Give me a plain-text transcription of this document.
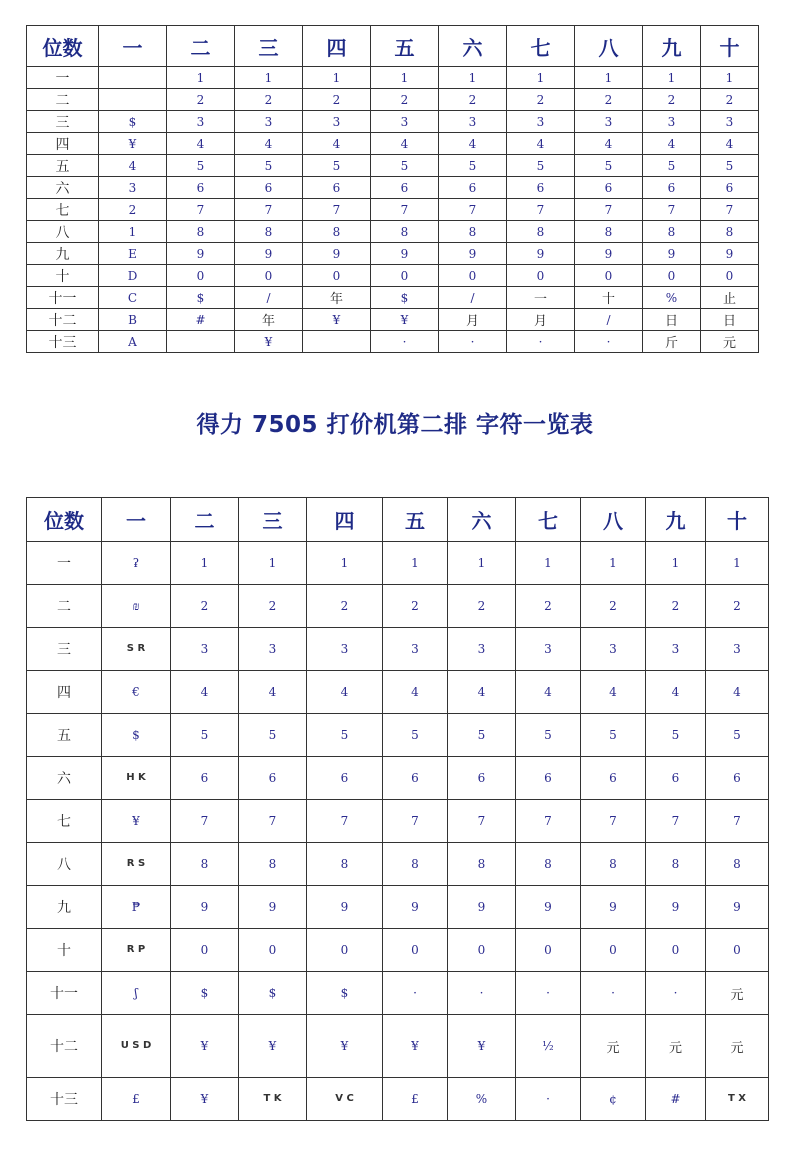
位数	一	二	三	四	五	六	七	八	九	十
一		1	1	1	1	1	1	1	1	1
二		2	2	2	2	2	2	2	2	2
三	$	3	3	3	3	3	3	3	3	3
四	¥	4	4	4	4	4	4	4	4	4
五	4	5	5	5	5	5	5	5	5	5
六	3	6	6	6	6	6	6	6	6	6
七	2	7	7	7	7	7	7	7	7	7
八	1	8	8	8	8	8	8	8	8	8
九	E	9	9	9	9	9	9	9	9	9
十	D	0	0	0	0	0	0	0	0	0
十一	C	$	/	年	$	/	一	十	%	止
十二	B	#	年	¥	¥	月	月	/	日	日
十三	A		¥		·	·	·	·	斤	元
得力 7505 打价机第二排 字符一览表
位数	一	二	三	四	五	六	七	八	九	十
一	ʡ	1	1	1	1	1	1	1	1	1
二	₪	2	2	2	2	2	2	2	2	2
三	S R	3	3	3	3	3	3	3	3	3
四	€	4	4	4	4	4	4	4	4	4
五	$	5	5	5	5	5	5	5	5	5
六	H K	6	6	6	6	6	6	6	6	6
七	¥	7	7	7	7	7	7	7	7	7
八	R S	8	8	8	8	8	8	8	8	8
九	₱	9	9	9	9	9	9	9	9	9
十	R P	0	0	0	0	0	0	0	0	0
十一	ʃ	$	$	$	·	·	·	·	·	元
十二	U S D	¥	¥	¥	¥	¥	½	元	元	元
十三	£	¥	T K	V C	£	%	·	¢	#	T X
